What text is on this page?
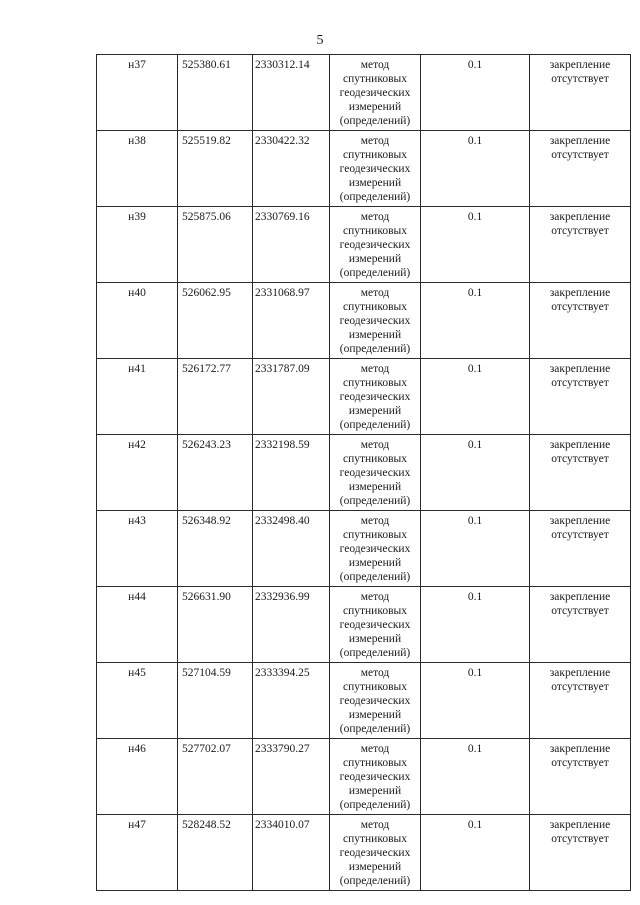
5
н37	525380.61	2330312.14	метод
спутниковых
геодезических
измерений
(определений)	0.1	закрепление
отсутствует

н38	525519.82	2330422.32	метод
спутниковых
геодезических
измерений
(определений)	0.1	закрепление
отсутствует

н39	525875.06	2330769.16	метод
спутниковых
геодезических
измерений
(определений)	0.1	закрепление
отсутствует

н40	526062.95	2331068.97	метод
спутниковых
геодезических
измерений
(определений)	0.1	закрепление
отсутствует

н41	526172.77	2331787.09	метод
спутниковых
геодезических
измерений
(определений)	0.1	закрепление
отсутствует

н42	526243.23	2332198.59	метод
спутниковых
геодезических
измерений
(определений)	0.1	закрепление
отсутствует

н43	526348.92	2332498.40	метод
спутниковых
геодезических
измерений
(определений)	0.1	закрепление
отсутствует

н44	526631.90	2332936.99	метод
спутниковых
геодезических
измерений
(определений)	0.1	закрепление
отсутствует

н45	527104.59	2333394.25	метод
спутниковых
геодезических
измерений
(определений)	0.1	закрепление
отсутствует

н46	527702.07	2333790.27	метод
спутниковых
геодезических
измерений
(определений)	0.1	закрепление
отсутствует

н47	528248.52	2334010.07	метод
спутниковых
геодезических
измерений
(определений)	0.1	закрепление
отсутствует
